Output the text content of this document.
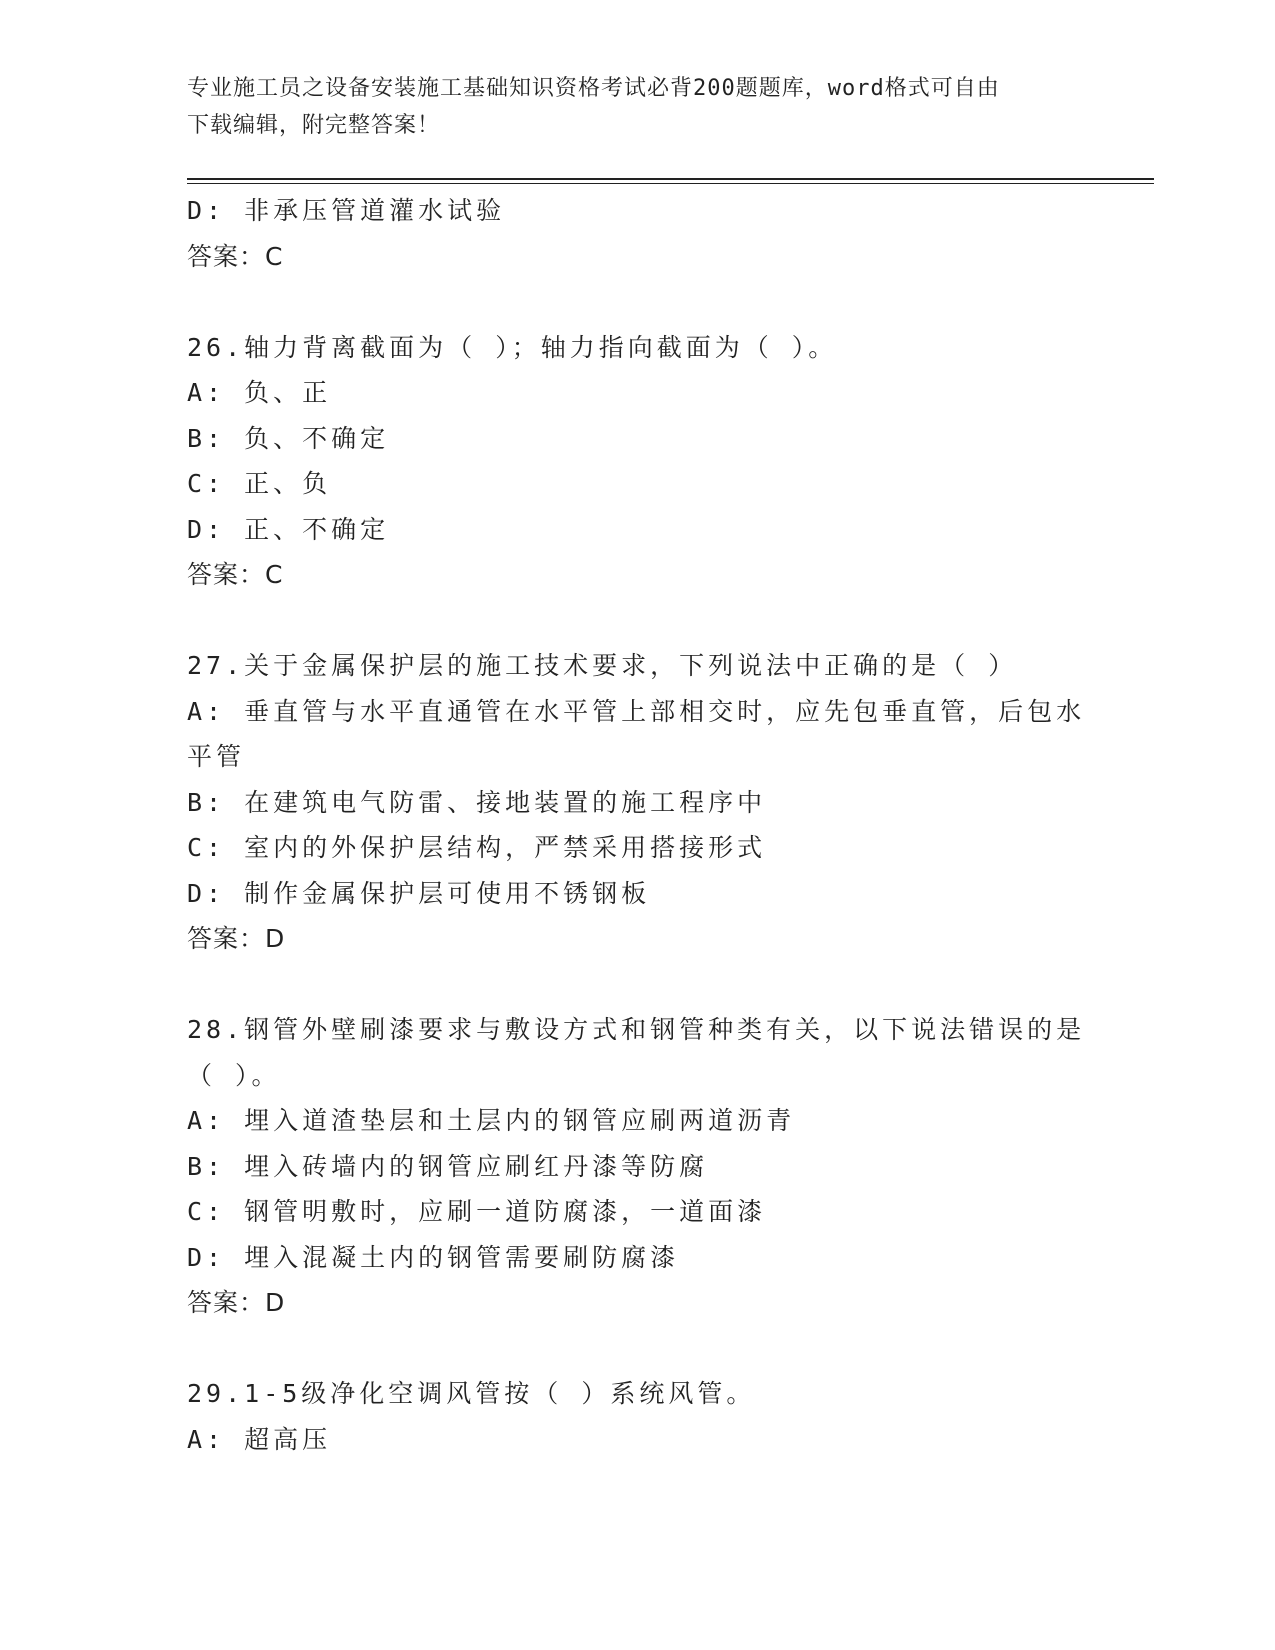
专业施工员之设备安装施工基础知识资格考试必背200题题库，word格式可自由
下载编辑，附完整答案！
D: 非承压管道灌水试验
答案：C
26.轴力背离截面为（ ）；轴力指向截面为（ ）。
A: 负、正
B: 负、不确定
C: 正、负
D: 正、不确定
答案：C
27.关于金属保护层的施工技术要求，下列说法中正确的是（ ）
A: 垂直管与水平直通管在水平管上部相交时，应先包垂直管，后包水
平管
B: 在建筑电气防雷、接地装置的施工程序中
C: 室内的外保护层结构，严禁采用搭接形式
D: 制作金属保护层可使用不锈钢板
答案：D
28.钢管外壁刷漆要求与敷设方式和钢管种类有关，以下说法错误的是
（ ）。
A: 埋入道渣垫层和土层内的钢管应刷两道沥青
B: 埋入砖墙内的钢管应刷红丹漆等防腐
C: 钢管明敷时，应刷一道防腐漆，一道面漆
D: 埋入混凝土内的钢管需要刷防腐漆
答案：D
29.1-5级净化空调风管按（ ）系统风管。
A: 超高压
